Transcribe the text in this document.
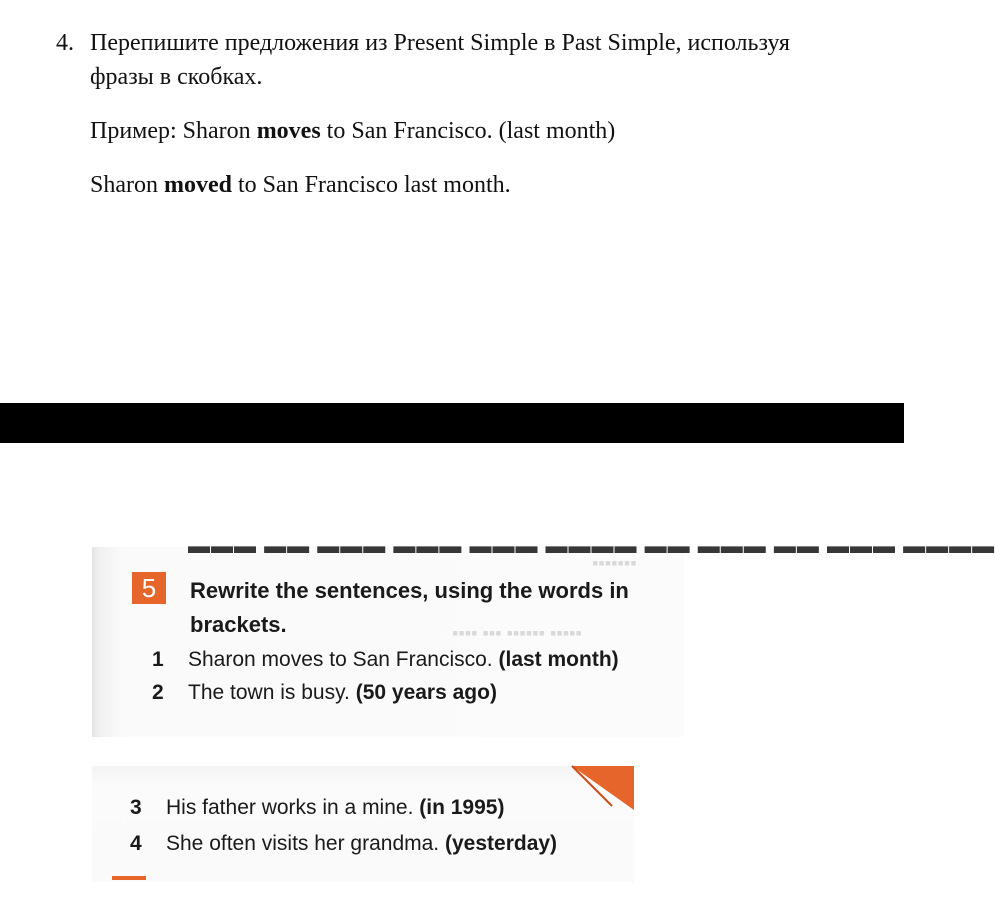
4. Перепишите предложения из Present Simple в Past Simple, используя

фразы в скобках.

Пример: Sharon moves to San Francisco. (last month)

Sharon moved to San Francisco last month.

▬▬▬ ▬▬ ▬▬▬ ▬▬▬ ▬▬▬ ▬▬▬▬ ▬▬ ▬▬▬ ▬▬ ▬▬▬ ▬▬▬▬
▪▪▪▪▪▪▪
▪▪▪▪ ▪▪▪ ▪▪▪▪▪▪ ▪▪▪▪▪
5	Rewrite the sentences, using the words in brackets.
1 Sharon moves to San Francisco. (last month)
2 The town is busy. (50 years ago)
3 His father works in a mine. (in 1995)
4 She often visits her grandma. (yesterday)
